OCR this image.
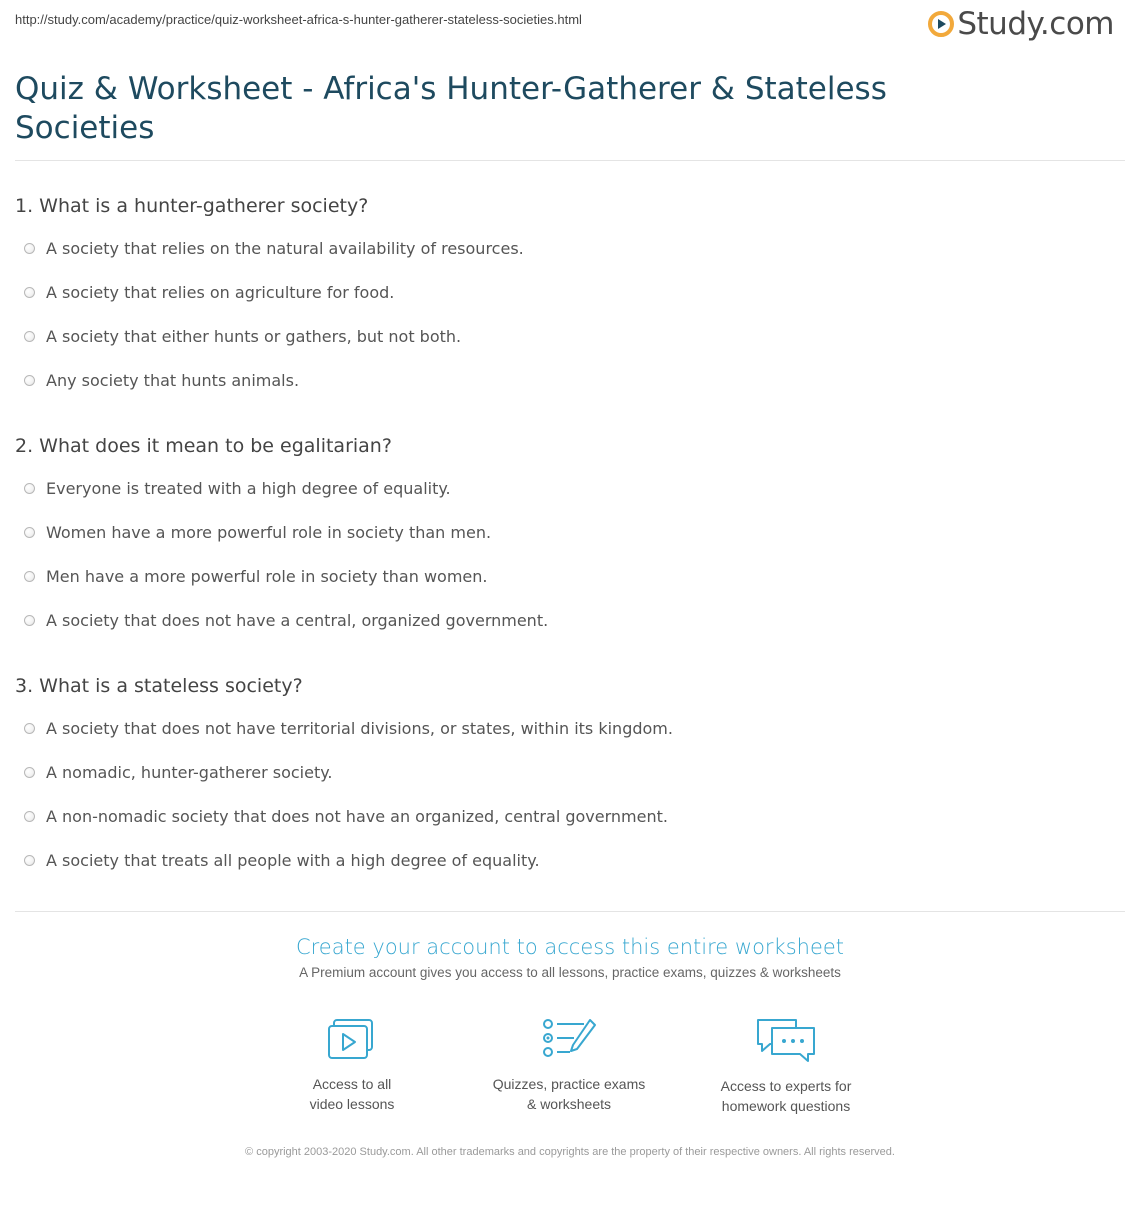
http://study.com/academy/practice/quiz-worksheet-africa-s-hunter-gatherer-stateless-societies.html	Study.com
Quiz & Worksheet - Africa's Hunter-Gatherer & Stateless Societies
1. What is a hunter-gatherer society?
A society that relies on the natural availability of resources.
A society that relies on agriculture for food.
A society that either hunts or gathers, but not both.
Any society that hunts animals.
2. What does it mean to be egalitarian?
Everyone is treated with a high degree of equality.
Women have a more powerful role in society than men.
Men have a more powerful role in society than women.
A society that does not have a central, organized government.
3. What is a stateless society?
A society that does not have territorial divisions, or states, within its kingdom.
A nomadic, hunter-gatherer society.
A non-nomadic society that does not have an organized, central government.
A society that treats all people with a high degree of equality.
Create your account to access this entire worksheet
A Premium account gives you access to all lessons, practice exams, quizzes & worksheets
Access to all
video lessons
Quizzes, practice exams
& worksheets
Access to experts for
homework questions
© copyright 2003-2020 Study.com. All other trademarks and copyrights are the property of their respective owners. All rights reserved.
